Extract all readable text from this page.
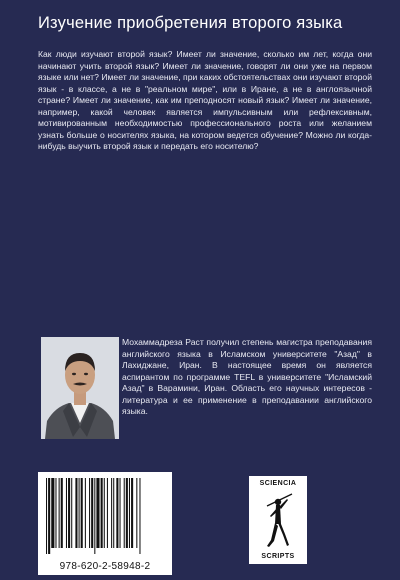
Изучение приобретения второго языка
Как люди изучают второй язык? Имеет ли значение, сколько им лет, когда они начинают учить второй язык? Имеет ли значение, говорят ли они уже на первом языке или нет? Имеет ли значение, при каких обстоятельствах они изучают второй язык - в классе, а не в "реальном мире", или в Иране, а не в англоязычной стране? Имеет ли значение, как им преподносят новый язык? Имеет ли значение, например, какой человек является импульсивным или рефлексивным, мотивированным необходимостью профессионального роста или желанием узнать больше о носителях языка, на котором ведется обучение? Можно ли когда-нибудь выучить второй язык и передать его носителю?
Мохаммадреза Раст получил степень магистра преподавания английского языка в Исламском университете "Азад" в Лахиджане, Иран. В настоящее время он является аспирантом по программе TEFL в университете "Исламский Азад" в Варамини, Иран. Область его научных интересов - литература и ее применение в преподавании английского языка.
978-620-2-58948-2
SCIENCIA
SCRIPTS
